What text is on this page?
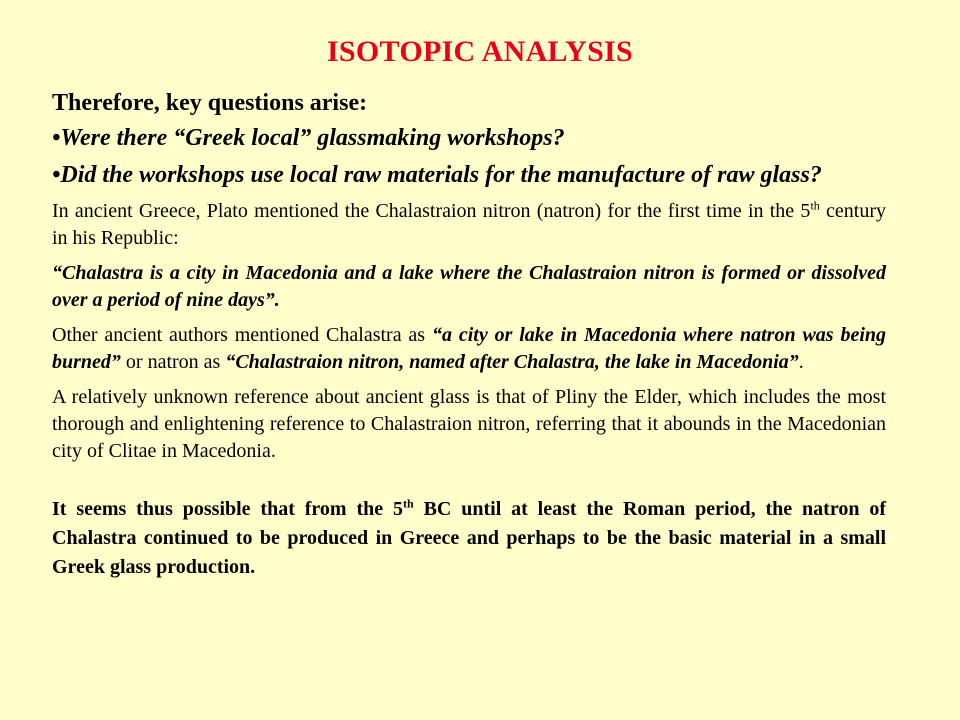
ISOTOPIC ANALYSIS

Therefore, key questions arise:

•Were there “Greek local” glassmaking workshops?

•Did the workshops use local raw materials for the manufacture of raw glass?

In ancient Greece, Plato mentioned the Chalastraion nitron (natron) for the first time in the 5th century in his Republic:

“Chalastra is a city in Macedonia and a lake where the Chalastraion nitron is formed or dissolved over a period of nine days”.

Other ancient authors mentioned Chalastra as “a city or lake in Macedonia where natron was being burned” or natron as “Chalastraion nitron, named after Chalastra, the lake in Macedonia”.

A relatively unknown reference about ancient glass is that of Pliny the Elder, which includes the most thorough and enlightening reference to Chalastraion nitron, referring that it abounds in the Macedonian city of Clitae in Macedonia.

It seems thus possible that from the 5th BC until at least the Roman period, the natron of Chalastra continued to be produced in Greece and perhaps to be the basic material in a small Greek glass production.
